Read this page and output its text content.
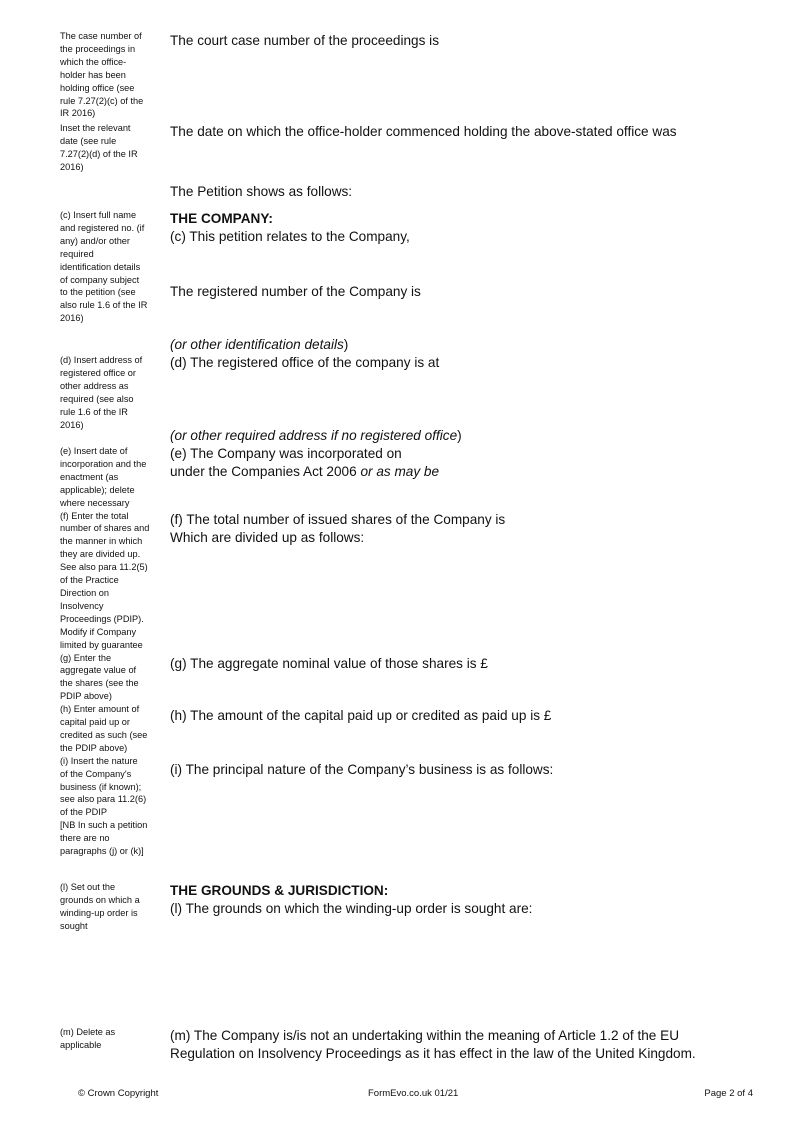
The case number of
the proceedings in
which the office-
holder has been
holding office (see
rule 7.27(2)(c) of the
IR 2016)
Inset the relevant
date (see rule
7.27(2)(d) of the IR
2016)
(c) Insert full name
and registered no. (if
any) and/or other
required
identification details
of company subject
to the petition (see
also rule 1.6 of the IR
2016)
(d) Insert address of
registered office or
other address as
required (see also
rule 1.6 of the IR
2016)
(e) Insert date of
incorporation and the
enactment (as
applicable); delete
where necessary
(f) Enter the total
number of shares and
the manner in which
they are divided up.
See also para 11.2(5)
of the Practice
Direction on
Insolvency
Proceedings (PDIP).
Modify if Company
limited by guarantee
(g) Enter the
aggregate value of
the shares (see the
PDIP above)
(h) Enter amount of
capital paid up or
credited as such (see
the PDIP above)
(i) Insert the nature
of the Company's
business (if known);
see also para 11.2(6)
of the PDIP
[NB In such a petition
there are no
paragraphs (j) or (k)]
(l) Set out the
grounds on which a
winding-up order is
sought
(m) Delete as
applicable
The court case number of the proceedings is
The date on which the office-holder commenced holding the above-stated office was
The Petition shows as follows:
THE COMPANY:
(c) This petition relates to the Company,
The registered number of the Company is
(or other identification details)
(d) The registered office of the company is at
(or other required address if no registered office)
(e) The Company was incorporated on
under the Companies Act 2006 or as may be
(f) The total number of issued shares of the Company is
Which are divided up as follows:
(g) The aggregate nominal value of those shares is £
(h) The amount of the capital paid up or credited as paid up is £
(i) The principal nature of the Company’s business is as follows:
THE GROUNDS & JURISDICTION:
(l) The grounds on which the winding-up order is sought are:
(m) The Company is/is not an undertaking within the meaning of Article 1.2 of the EU
Regulation on Insolvency Proceedings as it has effect in the law of the United Kingdom.
© Crown Copyright	FormEvo.co.uk 01/21	Page 2 of 4
